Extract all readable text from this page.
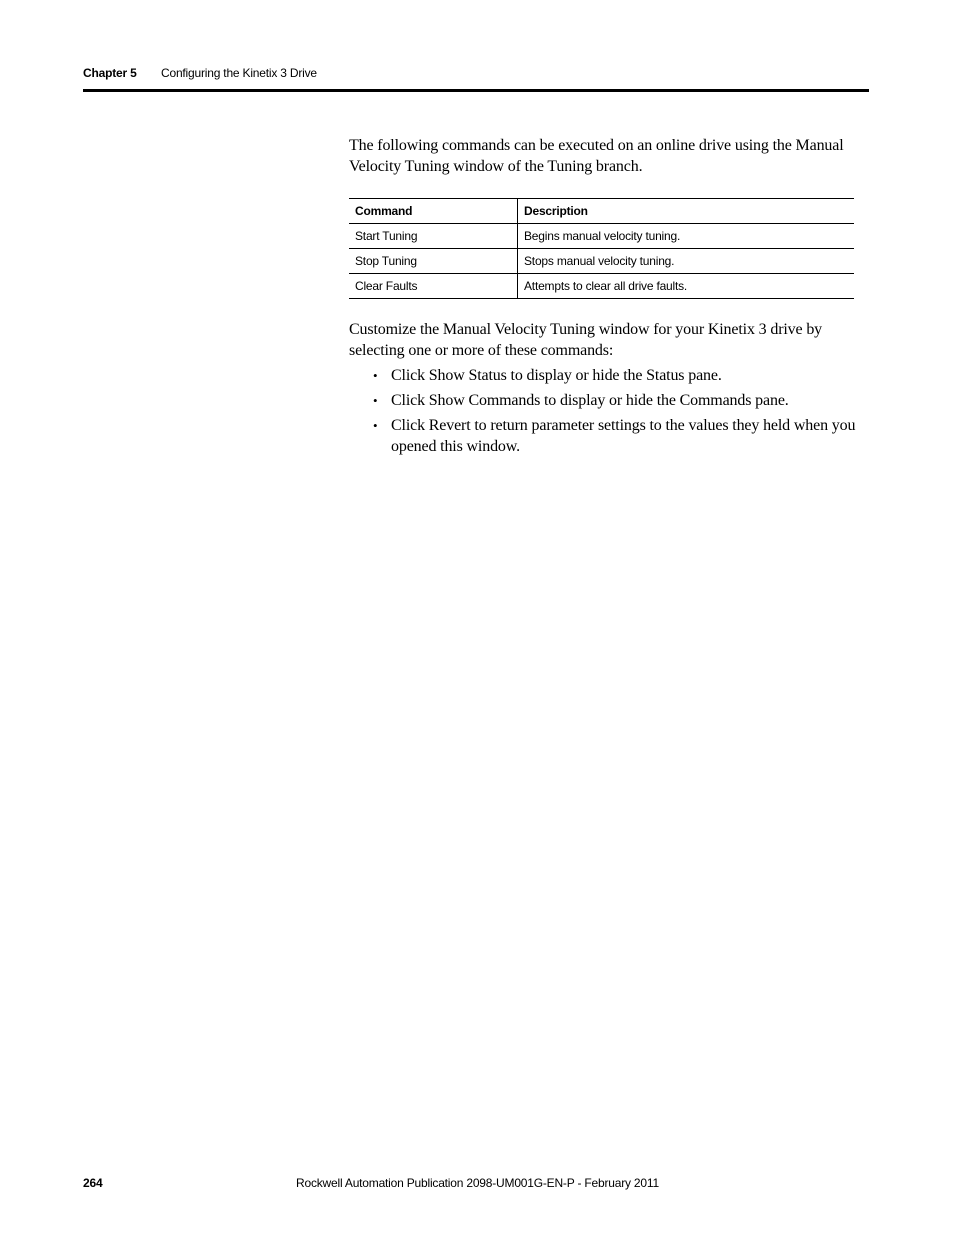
Chapter 5 Configuring the Kinetix 3 Drive

The following commands can be executed on an online drive using the Manual Velocity Tuning window of the Tuning branch.

Command	Description
Start Tuning	Begins manual velocity tuning.
Stop Tuning	Stops manual velocity tuning.
Clear Faults	Attempts to clear all drive faults.

Customize the Manual Velocity Tuning window for your Kinetix 3 drive by selecting one or more of these commands:

• Click Show Status to display or hide the Status pane.
• Click Show Commands to display or hide the Commands pane.
• Click Revert to return parameter settings to the values they held when you opened this window.
264	Rockwell Automation Publication 2098-UM001G-EN-P - February 2011
